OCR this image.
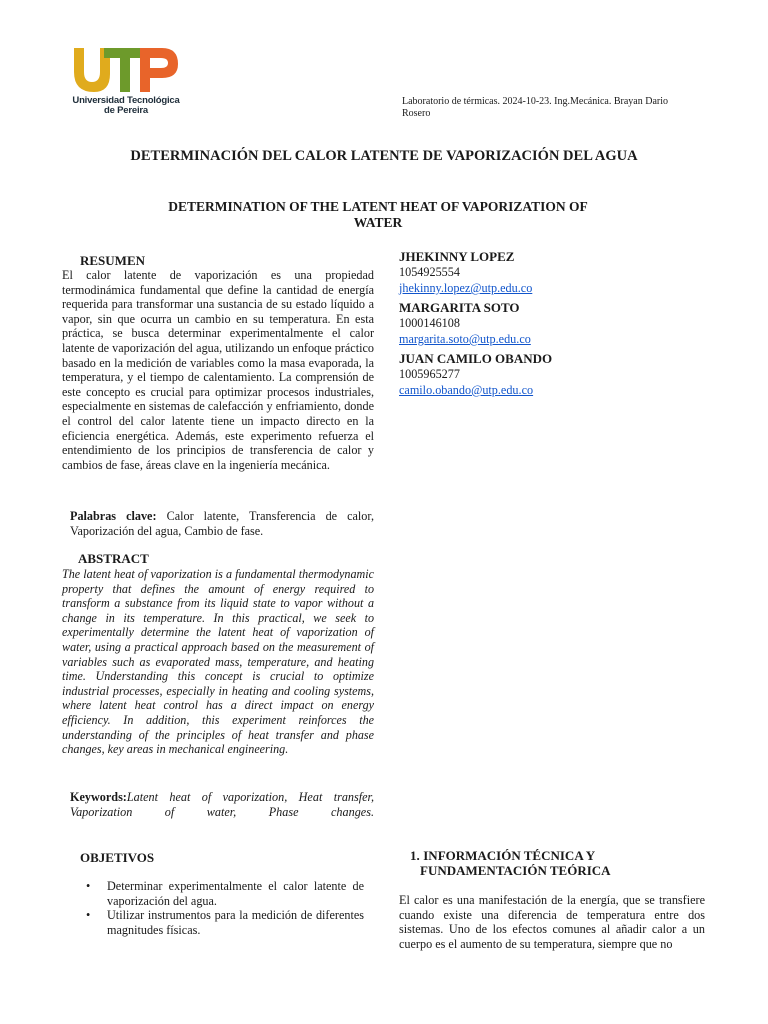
Universidad Tecnológica
de Pereira
Laboratorio de térmicas. 2024-10-23. Ing.Mecánica. Brayan Dario Rosero
DETERMINACIÓN DEL CALOR LATENTE DE VAPORIZACIÓN DEL AGUA
DETERMINATION OF THE LATENT HEAT OF VAPORIZATION OF WATER
RESUMEN
El calor latente de vaporización es una propiedad termodinámica fundamental que define la cantidad de energía requerida para transformar una sustancia de su estado líquido a vapor, sin que ocurra un cambio en su temperatura. En esta práctica, se busca determinar experimentalmente el calor latente de vaporización del agua, utilizando un enfoque práctico basado en la medición de variables como la masa evaporada, la temperatura, y el tiempo de calentamiento. La comprensión de este concepto es crucial para optimizar procesos industriales, especialmente en sistemas de calefacción y enfriamiento, donde el control del calor latente tiene un impacto directo en la eficiencia energética. Además, este experimento refuerza el entendimiento de los principios de transferencia de calor y cambios de fase, áreas clave en la ingeniería mecánica.
Palabras clave: Calor latente, Transferencia de calor, Vaporización del agua, Cambio de fase.
ABSTRACT
The latent heat of vaporization is a fundamental thermodynamic property that defines the amount of energy required to transform a substance from its liquid state to vapor without a change in its temperature. In this practical, we seek to experimentally determine the latent heat of vaporization of water, using a practical approach based on the measurement of variables such as evaporated mass, temperature, and heating time. Understanding this concept is crucial to optimize industrial processes, especially in heating and cooling systems, where latent heat control has a direct impact on energy efficiency. In addition, this experiment reinforces the understanding of the principles of heat transfer and phase changes, key areas in mechanical engineering.
Keywords:Latent heat of vaporization, Heat transfer, Vaporization of water, Phase changes.
JHEKINNY LOPEZ
1054925554
jhekinny.lopez@utp.edu.co
MARGARITA SOTO
1000146108
margarita.soto@utp.edu.co
JUAN CAMILO OBANDO
1005965277
camilo.obando@utp.edu.co
OBJETIVOS
• Determinar experimentalmente el calor latente de vaporización del agua.
• Utilizar instrumentos para la medición de diferentes magnitudes físicas.
1. INFORMACIÓN TÉCNICA Y
FUNDAMENTACIÓN TEÓRICA
El calor es una manifestación de la energía, que se transfiere cuando existe una diferencia de temperatura entre dos sistemas. Uno de los efectos comunes al añadir calor a un cuerpo es el aumento de su temperatura, siempre que no
